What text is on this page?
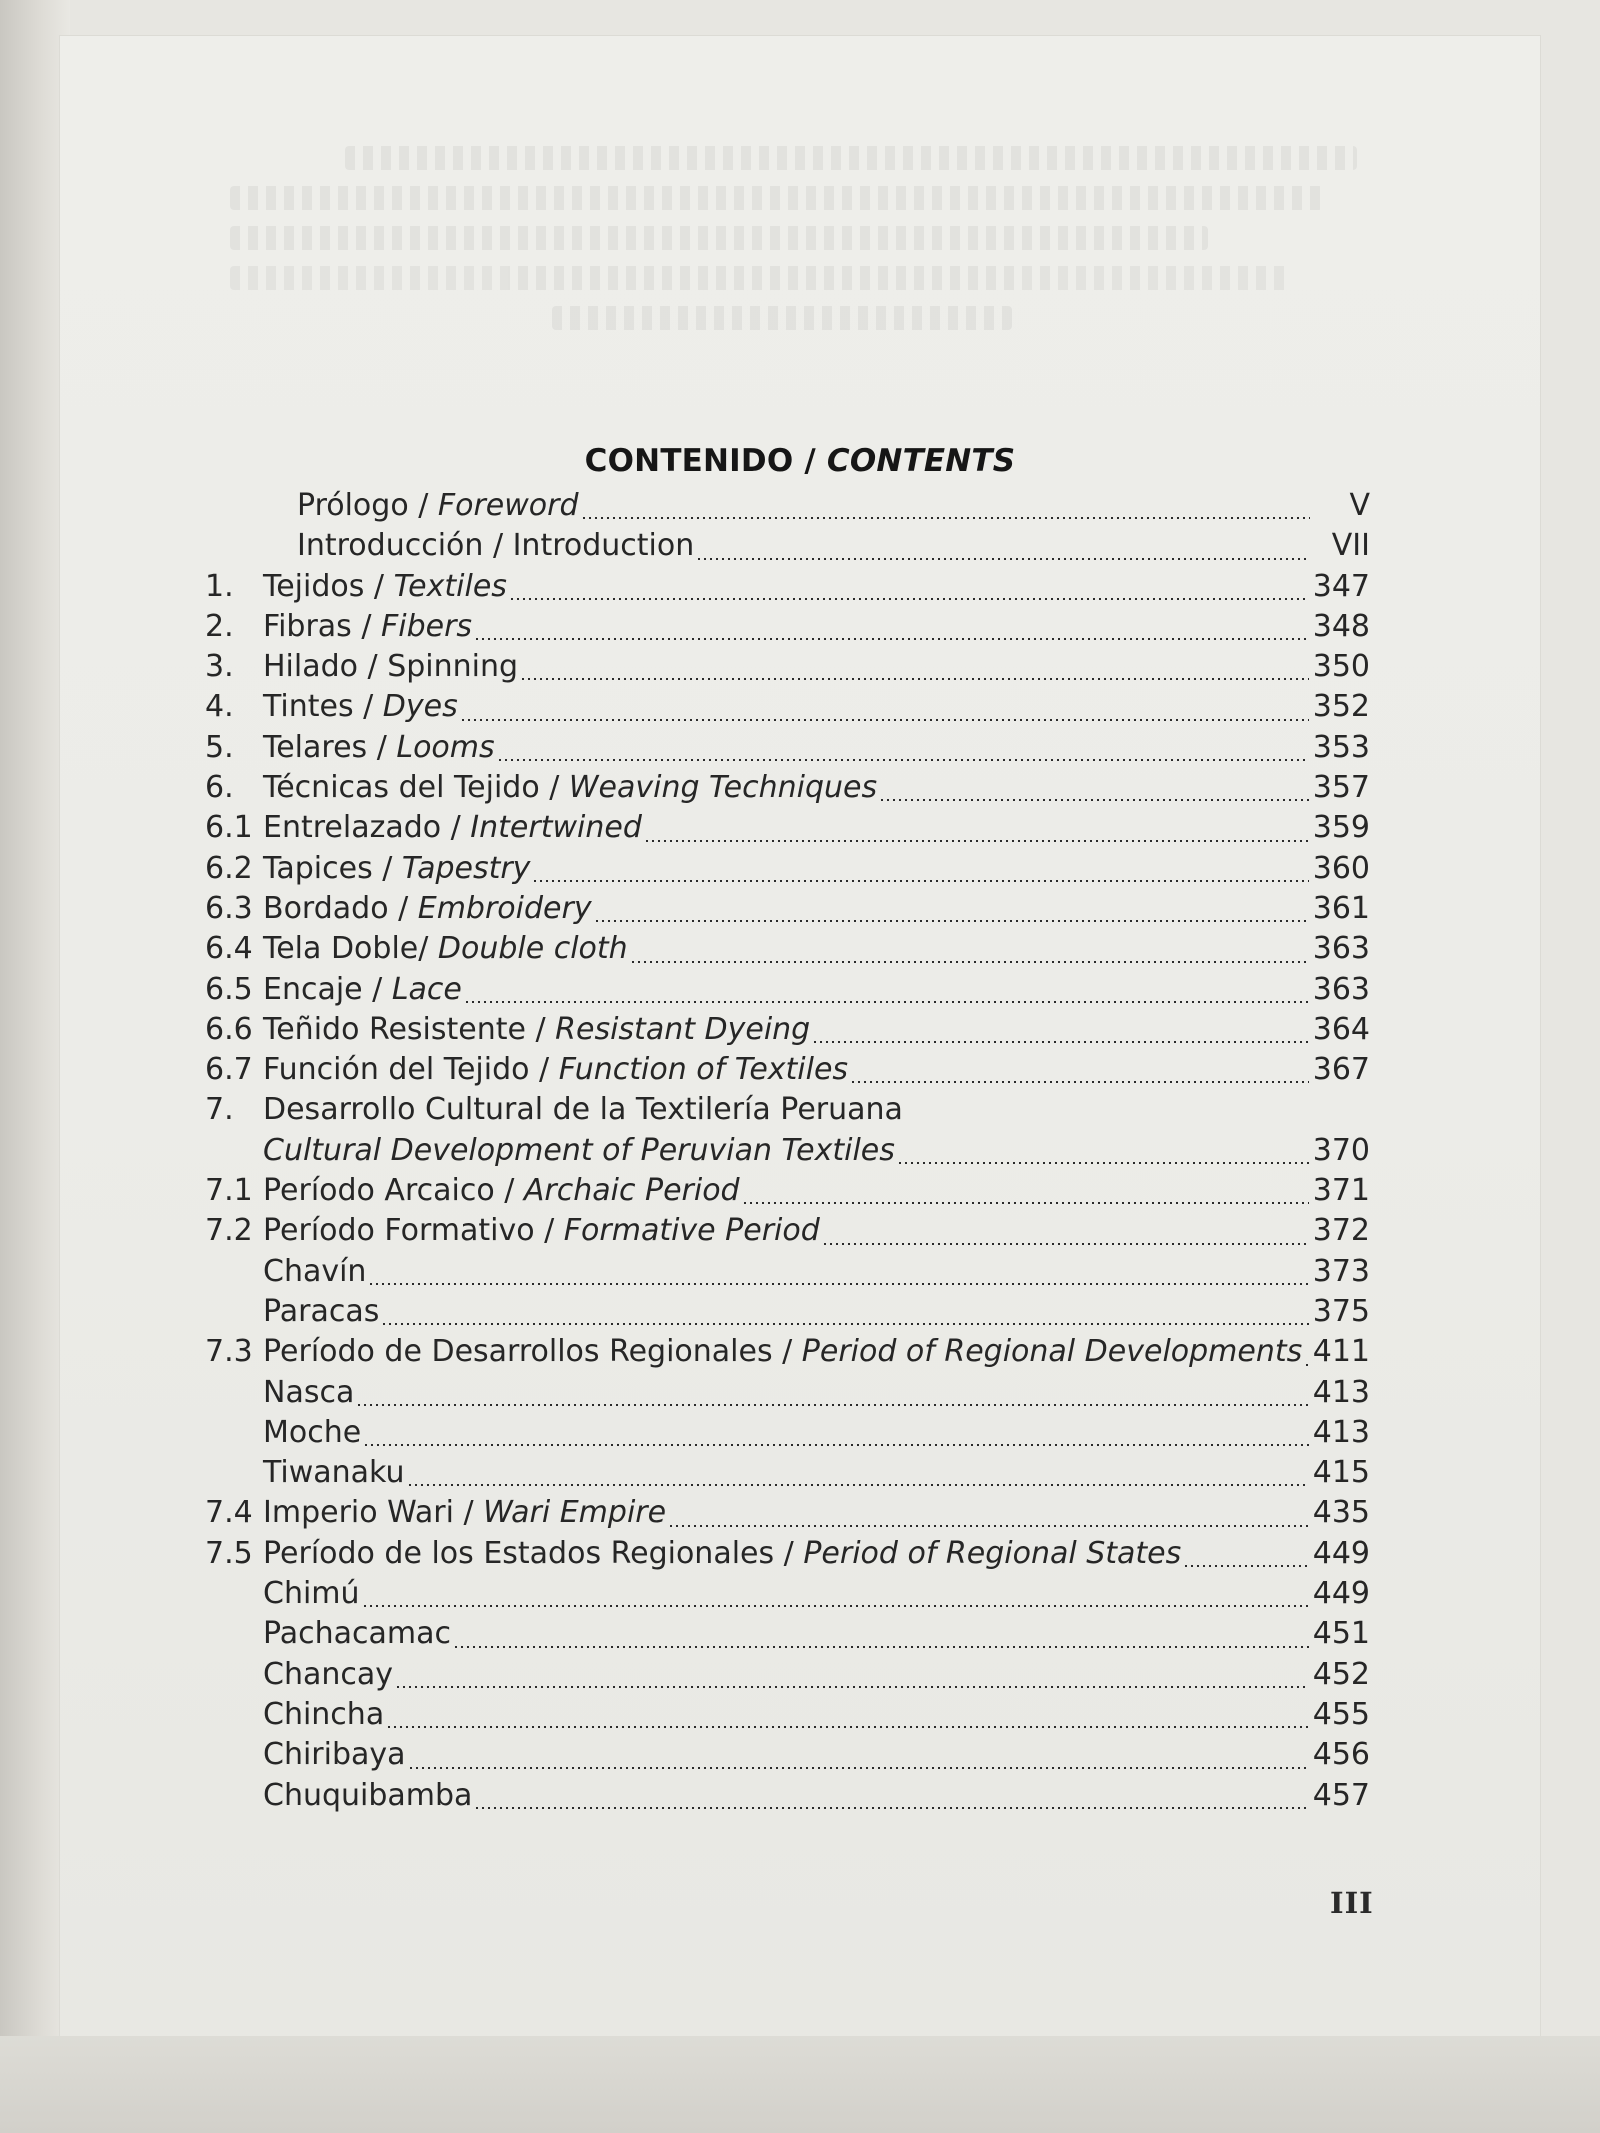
CONTENIDO / CONTENTS
Prólogo / Foreword	V
Introducción / Introduction	VII
1. Tejidos / Textiles	347
2. Fibras / Fibers	348
3. Hilado / Spinning	350
4. Tintes / Dyes	352
5. Telares / Looms	353
6. Técnicas del Tejido / Weaving Techniques	357
6.1 Entrelazado / Intertwined	359
6.2 Tapices / Tapestry	360
6.3 Bordado / Embroidery	361
6.4 Tela Doble/ Double cloth	363
6.5 Encaje / Lace	363
6.6 Teñido Resistente / Resistant Dyeing	364
6.7 Función del Tejido / Function of Textiles	367
7. Desarrollo Cultural de la Textilería Peruana
Cultural Development of Peruvian Textiles	370
7.1 Período Arcaico / Archaic Period	371
7.2 Período Formativo / Formative Period	372
Chavín	373
Paracas	375
7.3 Período de Desarrollos Regionales / Period of Regional Developments 411
Nasca	413
Moche	413
Tiwanaku	415
7.4 Imperio Wari / Wari Empire	435
7.5 Período de los Estados Regionales / Period of Regional States	449
Chimú	449
Pachacamac	451
Chancay	452
Chincha	455
Chiribaya	456
Chuquibamba	457
III
